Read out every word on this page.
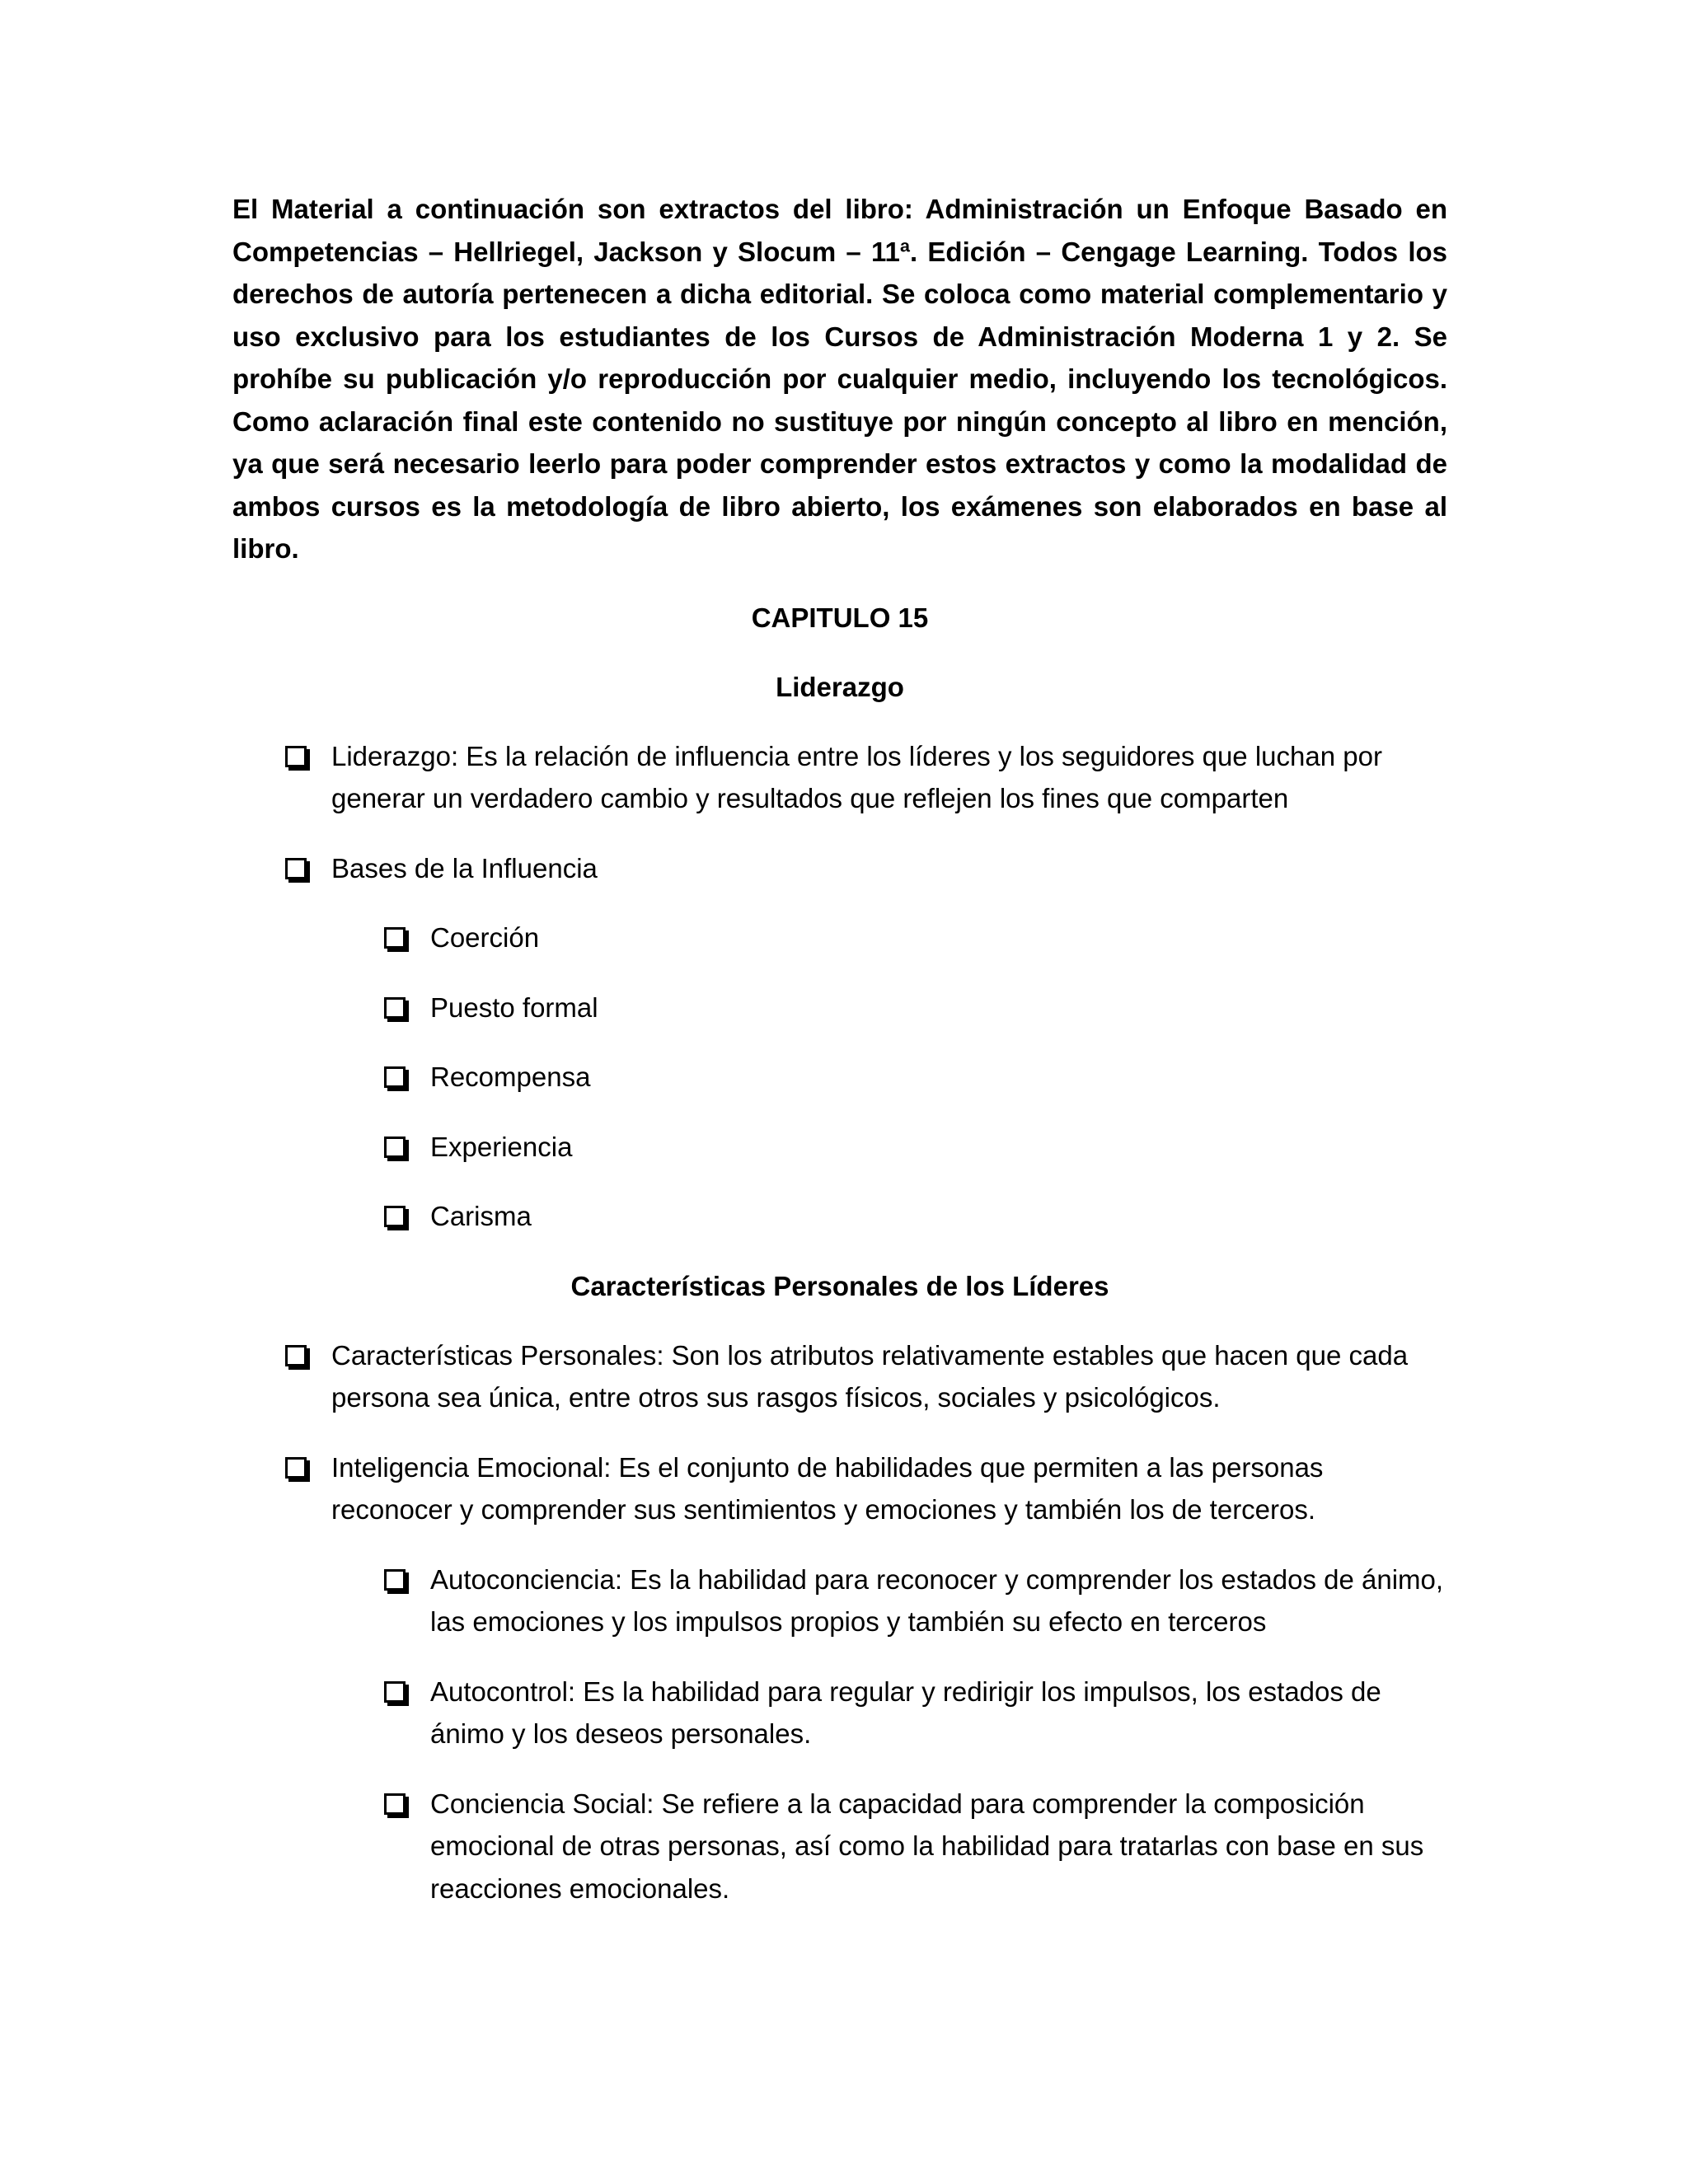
El Material a continuación son extractos del libro: Administración un Enfoque Basado en Competencias – Hellriegel, Jackson y Slocum – 11ª. Edición – Cengage Learning. Todos los derechos de autoría pertenecen a dicha editorial. Se coloca como material complementario y uso exclusivo para los estudiantes de los Cursos de Administración Moderna 1 y 2. Se prohíbe su publicación y/o reproducción por cualquier medio, incluyendo los tecnológicos. Como aclaración final este contenido no sustituye por ningún concepto al libro en mención, ya que será necesario leerlo para poder comprender estos extractos y como la modalidad de ambos cursos es la metodología de libro abierto, los exámenes son elaborados en base al libro.

CAPITULO 15

Liderazgo

Liderazgo: Es la relación de influencia entre los líderes y los seguidores que luchan por generar un verdadero cambio y resultados que reflejen los fines que comparten

Bases de la Influencia

Coerción

Puesto formal

Recompensa

Experiencia

Carisma

Características Personales de los Líderes

Características Personales: Son los atributos relativamente estables que hacen que cada persona sea única, entre otros sus rasgos físicos, sociales y psicológicos.

Inteligencia Emocional: Es el conjunto de habilidades que permiten a las personas reconocer y comprender sus sentimientos y emociones y también los de terceros.

Autoconciencia: Es la habilidad para reconocer y comprender los estados de ánimo, las emociones y los impulsos propios y también su efecto en terceros

Autocontrol: Es la habilidad para regular y redirigir los impulsos, los estados de ánimo y los deseos personales.

Conciencia Social: Se refiere a la capacidad para comprender la composición emocional de otras personas, así como la habilidad para tratarlas con base en sus reacciones emocionales.
